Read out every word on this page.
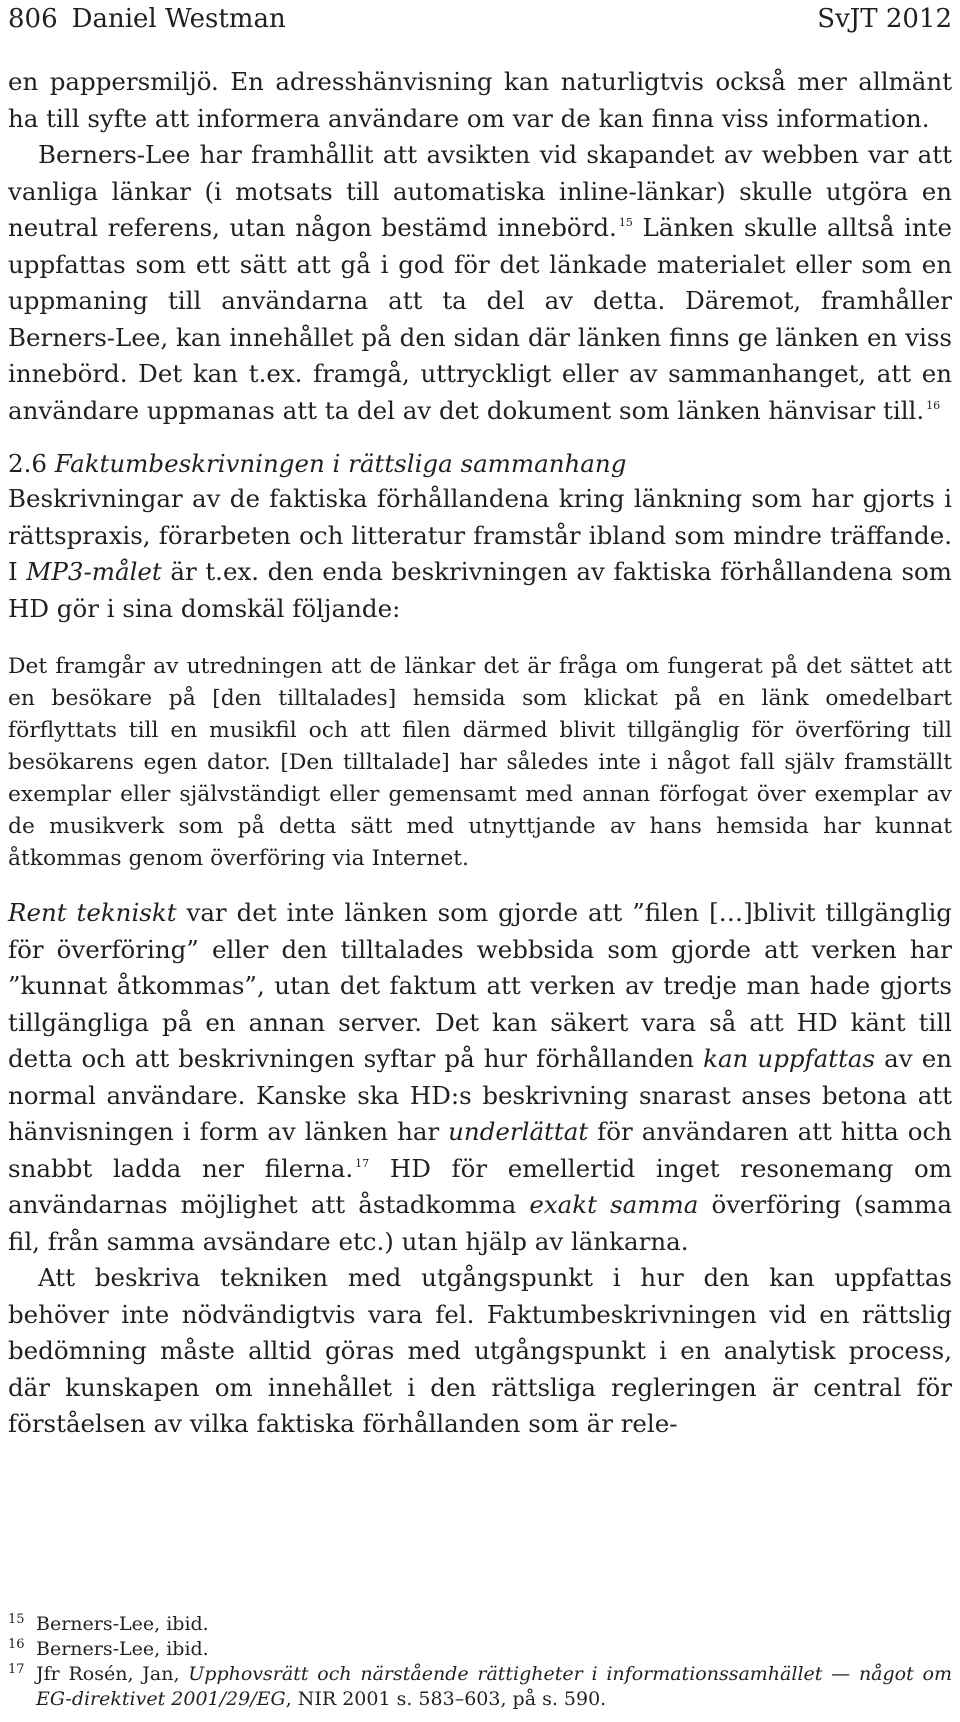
806 Daniel Westman	SvJT 2012

en pappersmiljö. En adresshänvisning kan naturligtvis också mer allmänt ha till syfte att informera användare om var de kan finna viss information.

Berners-Lee har framhållit att avsikten vid skapandet av webben var att vanliga länkar (i motsats till automatiska inline-länkar) skulle utgöra en neutral referens, utan någon bestämd innebörd. $^{15}$ Länken skulle alltså inte uppfattas som ett sätt att gå i god för det länkade materialet eller som en uppmaning till användarna att ta del av detta. Däremot, framhåller Berners-Lee, kan innehållet på den sidan där länken finns ge länken en viss innebörd. Det kan t.ex. framgå, uttryckligt eller av sammanhanget, att en användare uppmanas att ta del av det dokument som länken hänvisar till. $^{16}$

2.6 Faktumbeskrivningen i rättsliga sammanhang

Beskrivningar av de faktiska förhållandena kring länkning som har gjorts i rättspraxis, förarbeten och litteratur framstår ibland som mindre träffande. I MP3-målet är t.ex. den enda beskrivningen av faktiska förhållandena som HD gör i sina domskäl följande:

Det framgår av utredningen att de länkar det är fråga om fungerat på det sättet att en besökare på [den tilltalades] hemsida som klickat på en länk omedelbart förflyttats till en musikfil och att filen därmed blivit tillgänglig för överföring till besökarens egen dator. [Den tilltalade] har således inte i något fall själv framställt exemplar eller självständigt eller gemensamt med annan förfogat över exemplar av de musikverk som på detta sätt med utnyttjande av hans hemsida har kunnat åtkommas genom överföring via Internet.

Rent tekniskt var det inte länken som gjorde att ”filen […]blivit tillgänglig för överföring” eller den tilltalades webbsida som gjorde att verken har ”kunnat åtkommas”, utan det faktum att verken av tredje man hade gjorts tillgängliga på en annan server. Det kan säkert vara så att HD känt till detta och att beskrivningen syftar på hur förhållanden kan uppfattas av en normal användare. Kanske ska HD:s beskrivning snarast anses betona att hänvisningen i form av länken har underlättat för användaren att hitta och snabbt ladda ner filerna. $^{17}$ HD för emellertid inget resonemang om användarnas möjlighet att åstadkomma exakt samma överföring (samma fil, från samma avsändare etc.) utan hjälp av länkarna.

Att beskriva tekniken med utgångspunkt i hur den kan uppfattas behöver inte nödvändigtvis vara fel. Faktumbeskrivningen vid en rättslig bedömning måste alltid göras med utgångspunkt i en analytisk process, där kunskapen om innehållet i den rättsliga regleringen är central för förståelsen av vilka faktiska förhållanden som är rele-

15 Berners-Lee, ibid.

16 Berners-Lee, ibid.

17 Jfr Rosén, Jan, Upphovsrätt och närstående rättigheter i informationssamhället — något om EG-direktivet 2001/29/EG, NIR 2001 s. 583–603, på s. 590.
